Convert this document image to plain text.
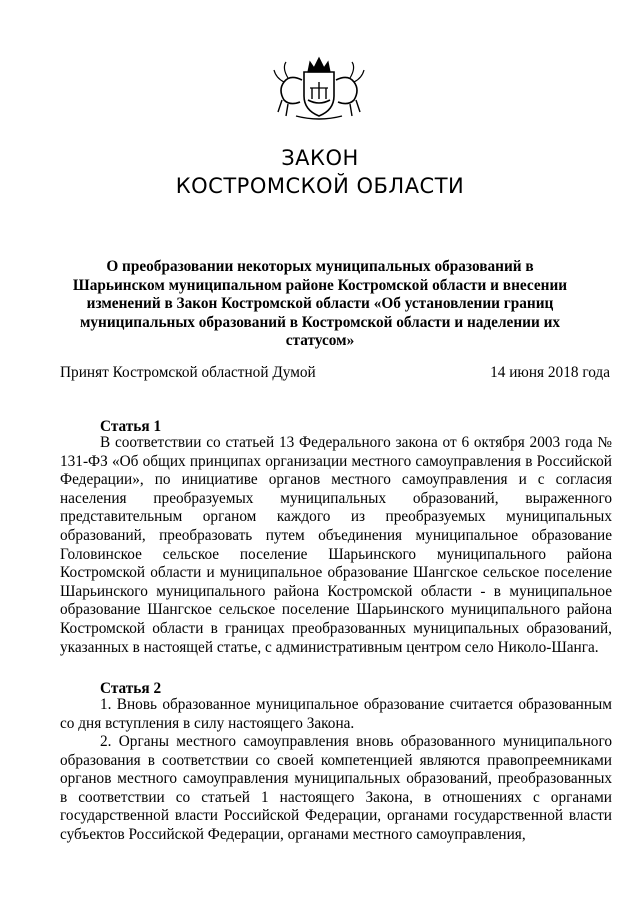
ЗАКОН
КОСТРОМСКОЙ ОБЛАСТИ
О преобразовании некоторых муниципальных образований в Шарьинском муниципальном районе Костромской области и внесении изменений в Закон Костромской области «Об установлении границ муниципальных образований в Костромской области и наделении их статусом»
Принят Костромской областной Думой	14 июня 2018 года
Статья 1
В соответствии со статьей 13 Федерального закона от 6 октября 2003 года № 131-ФЗ «Об общих принципах организации местного самоуправления в Российской Федерации», по инициативе органов местного самоуправления и с согласия населения преобразуемых муниципальных образований, выраженного представительным органом каждого из преобразуемых муниципальных образований, преобразовать путем объединения муниципальное образование Головинское сельское поселение Шарьинского муниципального района Костромской области и муниципальное образование Шангское сельское поселение Шарьинского муниципального района Костромской области - в муниципальное образование Шангское сельское поселение Шарьинского муниципального района Костромской области в границах преобразованных муниципальных образований, указанных в настоящей статье, с административным центром село Николо-Шанга.
Статья 2
1. Вновь образованное муниципальное образование считается образованным со дня вступления в силу настоящего Закона.
2. Органы местного самоуправления вновь образованного муниципального образования в соответствии со своей компетенцией являются правопреемниками органов местного самоуправления муниципальных образований, преобразованных в соответствии со статьей 1 настоящего Закона, в отношениях с органами государственной власти Российской Федерации, органами государственной власти субъектов Российской Федерации, органами местного самоуправления,
